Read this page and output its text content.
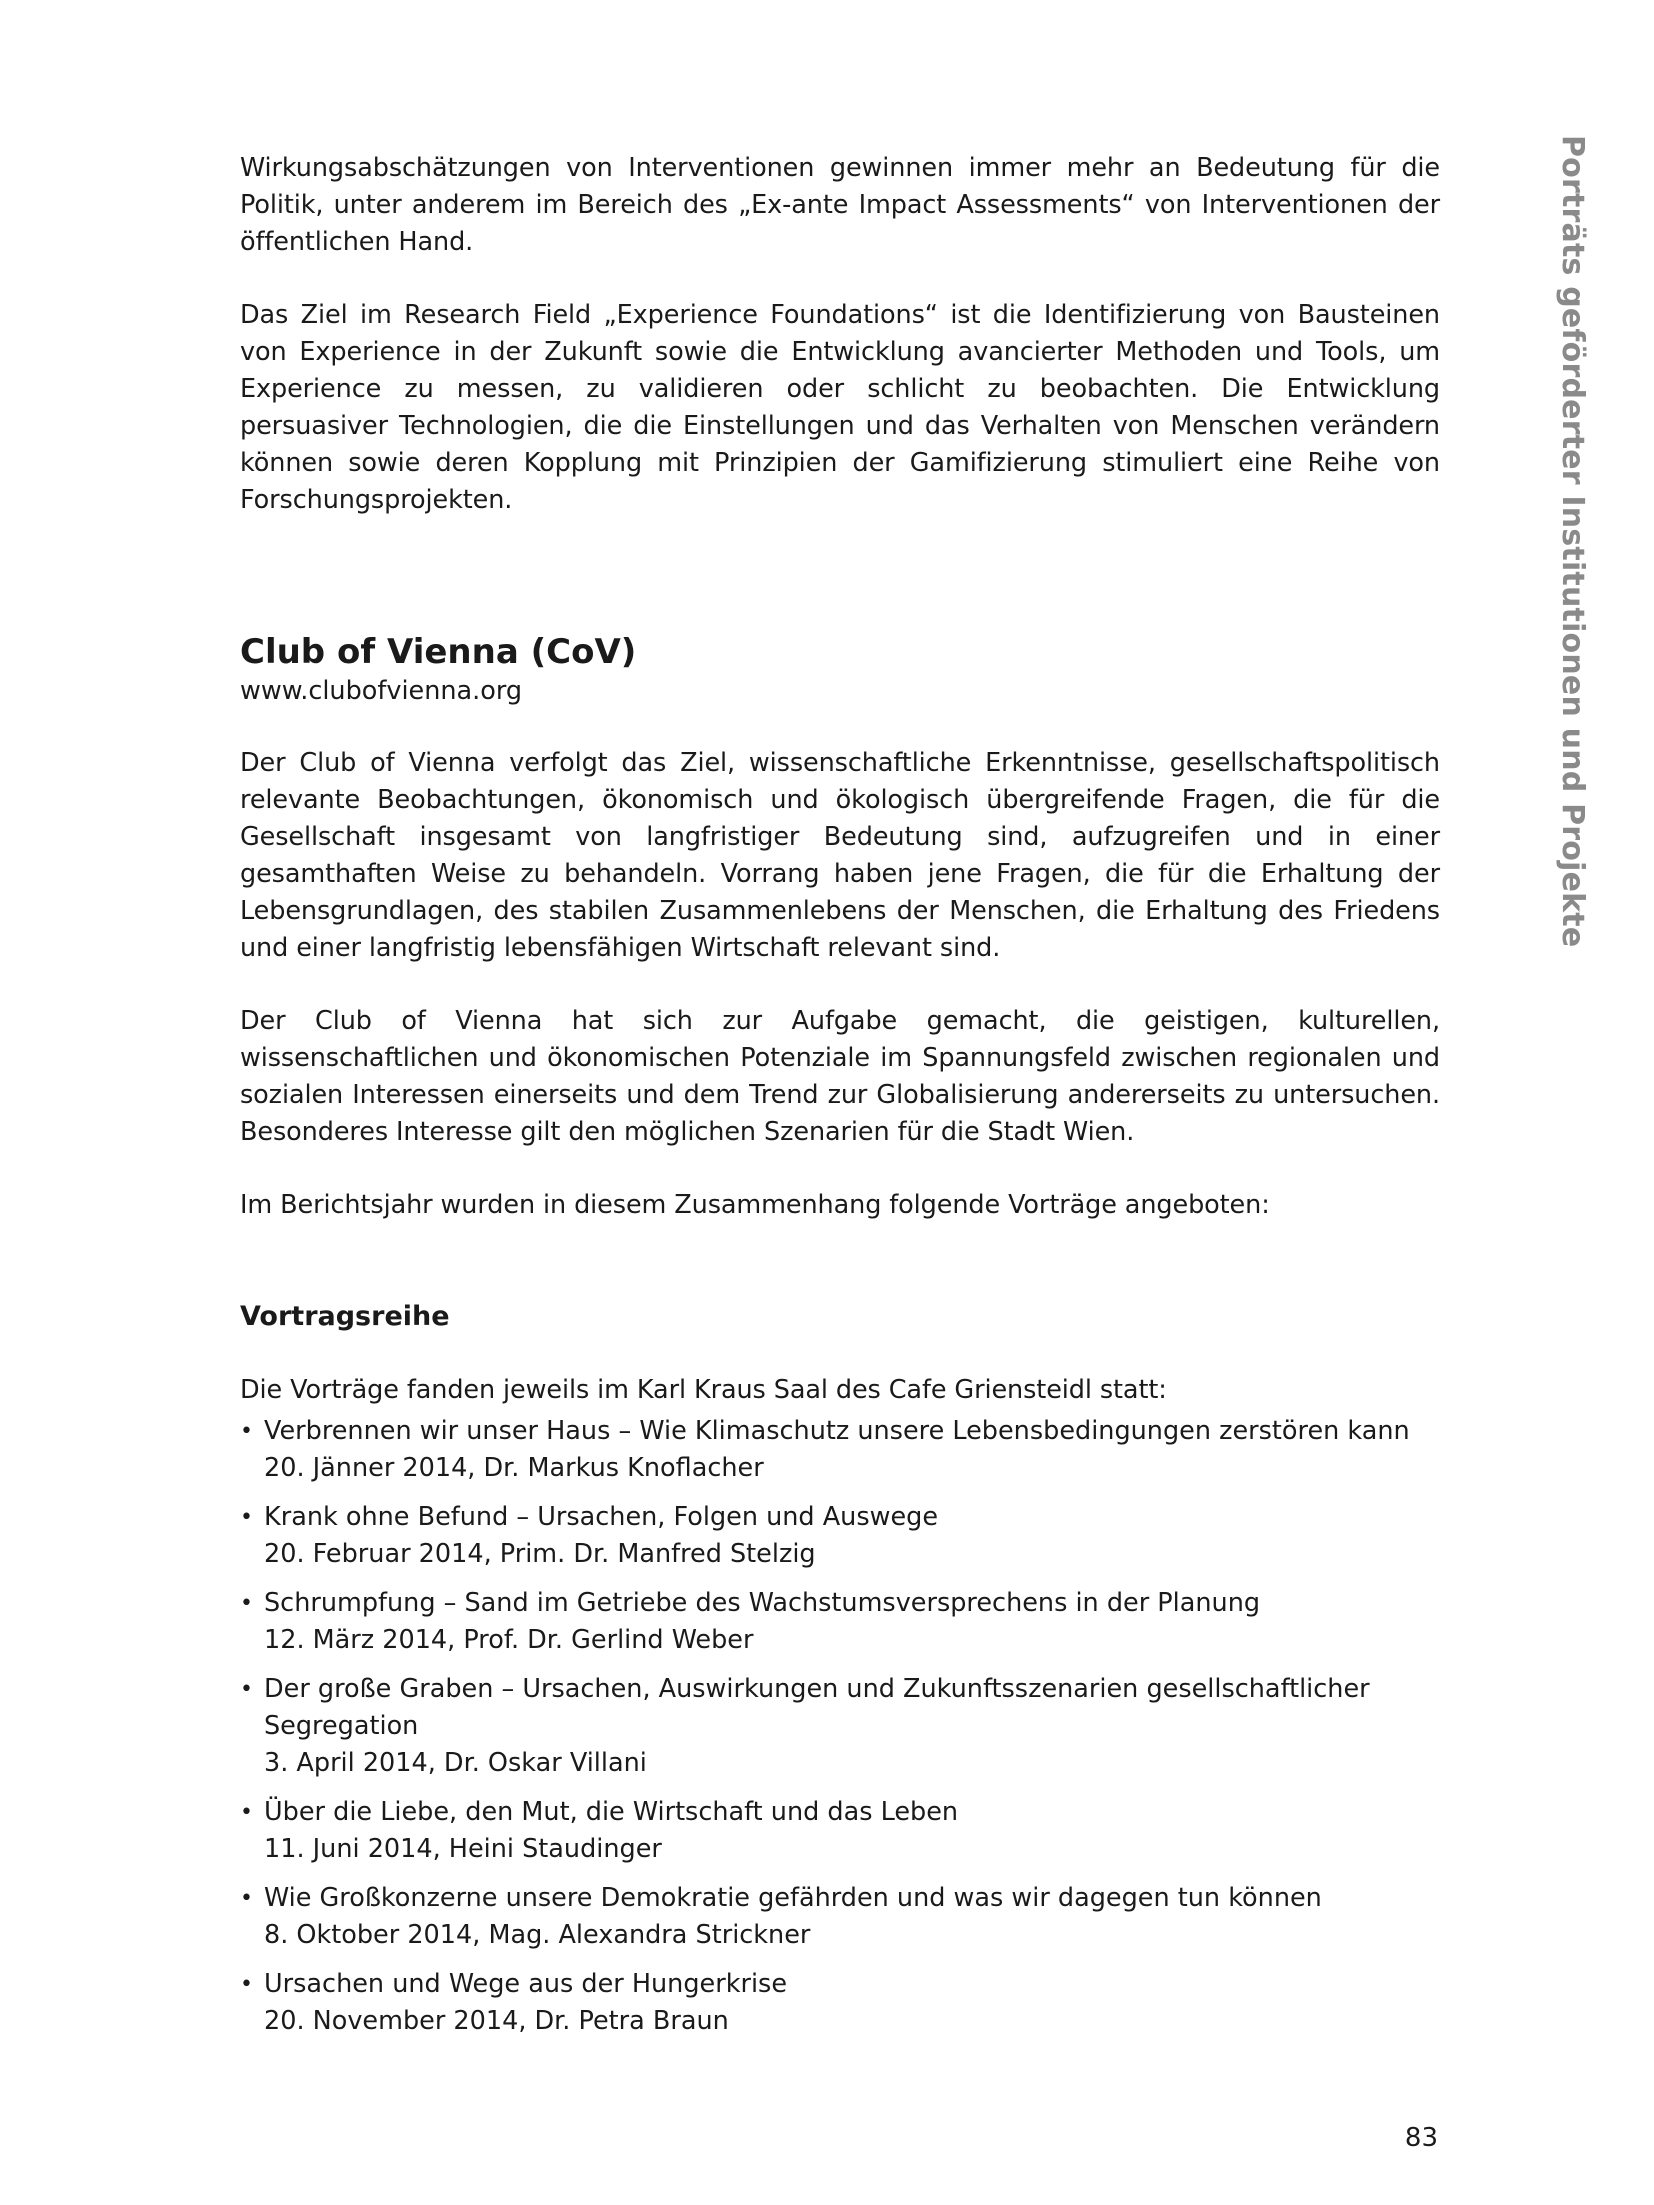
Porträts geförderter Institutionen und Projekte

Wirkungsabschätzungen von Interventionen gewinnen immer mehr an Bedeutung für die Politik, unter anderem im Bereich des „Ex-ante Impact Assessments“ von Interventionen der öffentlichen Hand.

Das Ziel im Research Field „Experience Foundations“ ist die Identifizierung von Bausteinen von Experience in der Zukunft sowie die Entwicklung avancierter Methoden und Tools, um Experience zu messen, zu validieren oder schlicht zu beobachten. Die Entwicklung persuasiver Technologien, die die Einstellungen und das Verhalten von Menschen verändern können sowie deren Kopplung mit Prinzipien der Gamifizierung stimuliert eine Reihe von Forschungsprojekten.

Club of Vienna (CoV)

www.clubofvienna.org

Der Club of Vienna verfolgt das Ziel, wissenschaftliche Erkenntnisse, gesellschaftspolitisch relevante Beobachtungen, ökonomisch und ökologisch übergreifende Fragen, die für die Gesellschaft insgesamt von langfristiger Bedeutung sind, aufzugreifen und in einer gesamthaften Weise zu behandeln. Vorrang haben jene Fragen, die für die Erhaltung der Lebensgrundlagen, des stabilen Zusammenlebens der Menschen, die Erhaltung des Friedens und einer langfristig lebensfähigen Wirtschaft relevant sind.

Der Club of Vienna hat sich zur Aufgabe gemacht, die geistigen, kulturellen, wissenschaftlichen und ökonomischen Potenziale im Spannungsfeld zwischen regionalen und sozialen Interessen einerseits und dem Trend zur Globalisierung andererseits zu untersuchen. Besonderes Interesse gilt den möglichen Szenarien für die Stadt Wien.

Im Berichtsjahr wurden in diesem Zusammenhang folgende Vorträge angeboten:

Vortragsreihe

Die Vorträge fanden jeweils im Karl Kraus Saal des Cafe Griensteidl statt:

• Verbrennen wir unser Haus – Wie Klimaschutz unsere Lebensbedingungen zerstören kann
20. Jänner 2014, Dr. Markus Knoflacher
• Krank ohne Befund – Ursachen, Folgen und Auswege
20. Februar 2014, Prim. Dr. Manfred Stelzig
• Schrumpfung – Sand im Getriebe des Wachstumsversprechens in der Planung
12. März 2014, Prof. Dr. Gerlind Weber
• Der große Graben – Ursachen, Auswirkungen und Zukunftsszenarien gesellschaftlicher Segregation
3. April 2014, Dr. Oskar Villani
• Über die Liebe, den Mut, die Wirtschaft und das Leben
11. Juni 2014, Heini Staudinger
• Wie Großkonzerne unsere Demokratie gefährden und was wir dagegen tun können
8. Oktober 2014, Mag. Alexandra Strickner
• Ursachen und Wege aus der Hungerkrise
20. November 2014, Dr. Petra Braun
83
